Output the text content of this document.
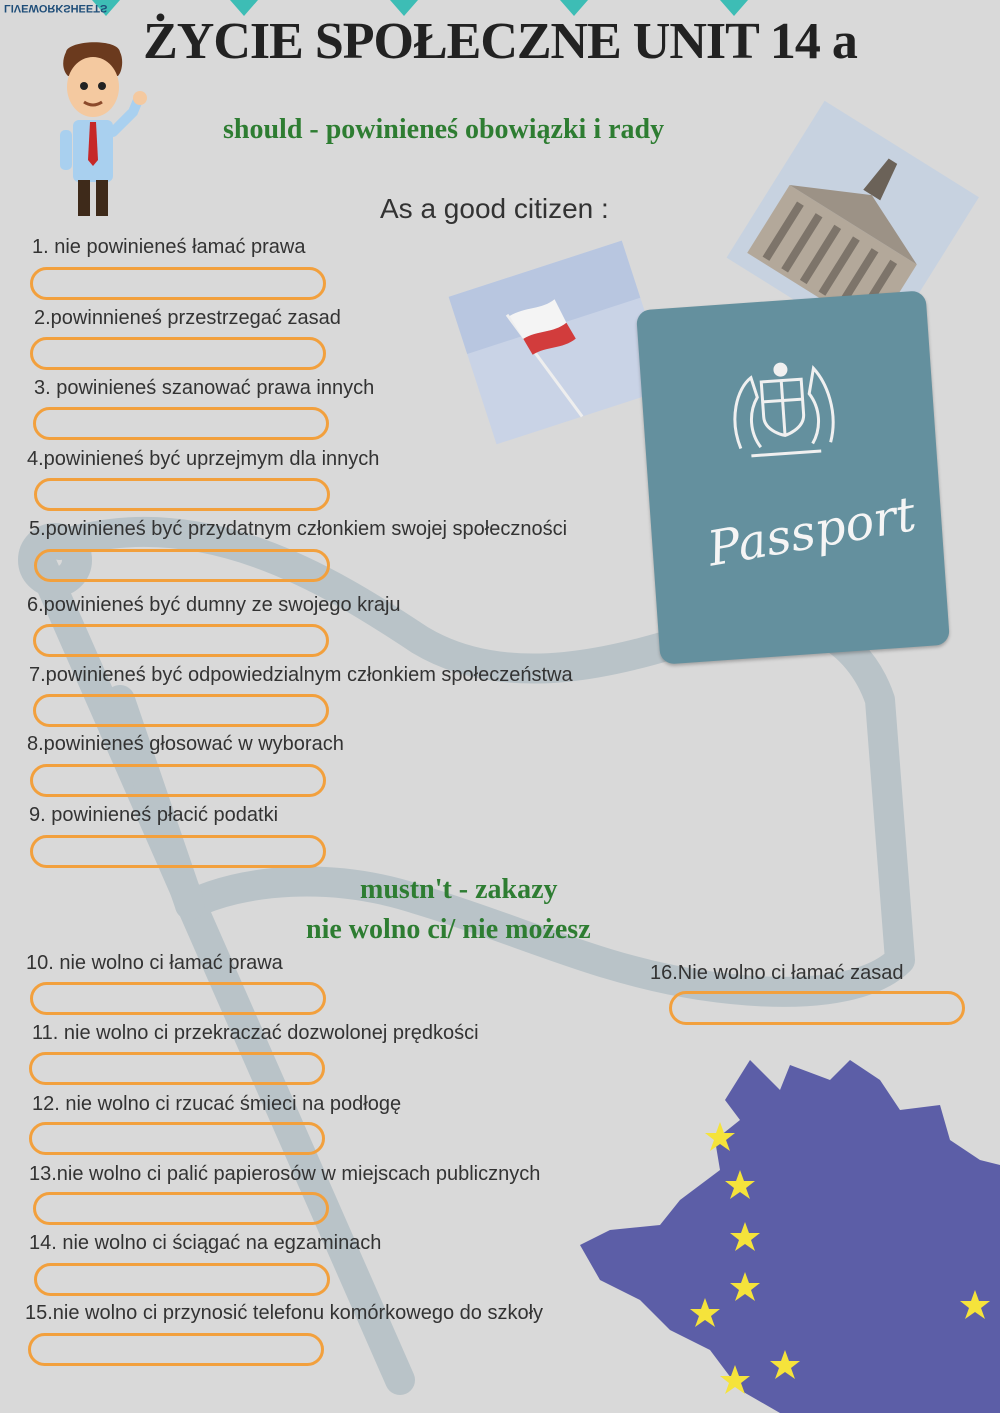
Passport
LIVEWORKSHEETS
ŻYCIE SPOŁECZNE UNIT 14 a
should - powinieneś obowiązki i rady
As a good citizen :
1. nie powinieneś łamać prawa
2.powinnieneś przestrzegać zasad
3. powinieneś szanować prawa innych
4.powinieneś być uprzejmym dla innych
5.powinieneś być przydatnym członkiem swojej społeczności
6.powinieneś być dumny ze swojego kraju
7.powinieneś być odpowiedzialnym członkiem społeczeństwa
8.powinieneś głosować w wyborach
9. powinieneś płacić podatki
mustn't - zakazy
nie wolno ci/ nie możesz
10. nie wolno ci łamać prawa
11. nie wolno ci przekraczać dozwolonej prędkości
12. nie wolno ci rzucać śmieci na podłogę
13.nie wolno ci palić papierosów w miejscach publicznych
14. nie wolno ci ściągać na egzaminach
15.nie wolno ci przynosić telefonu komórkowego do szkoły
16.Nie wolno ci łamać zasad
